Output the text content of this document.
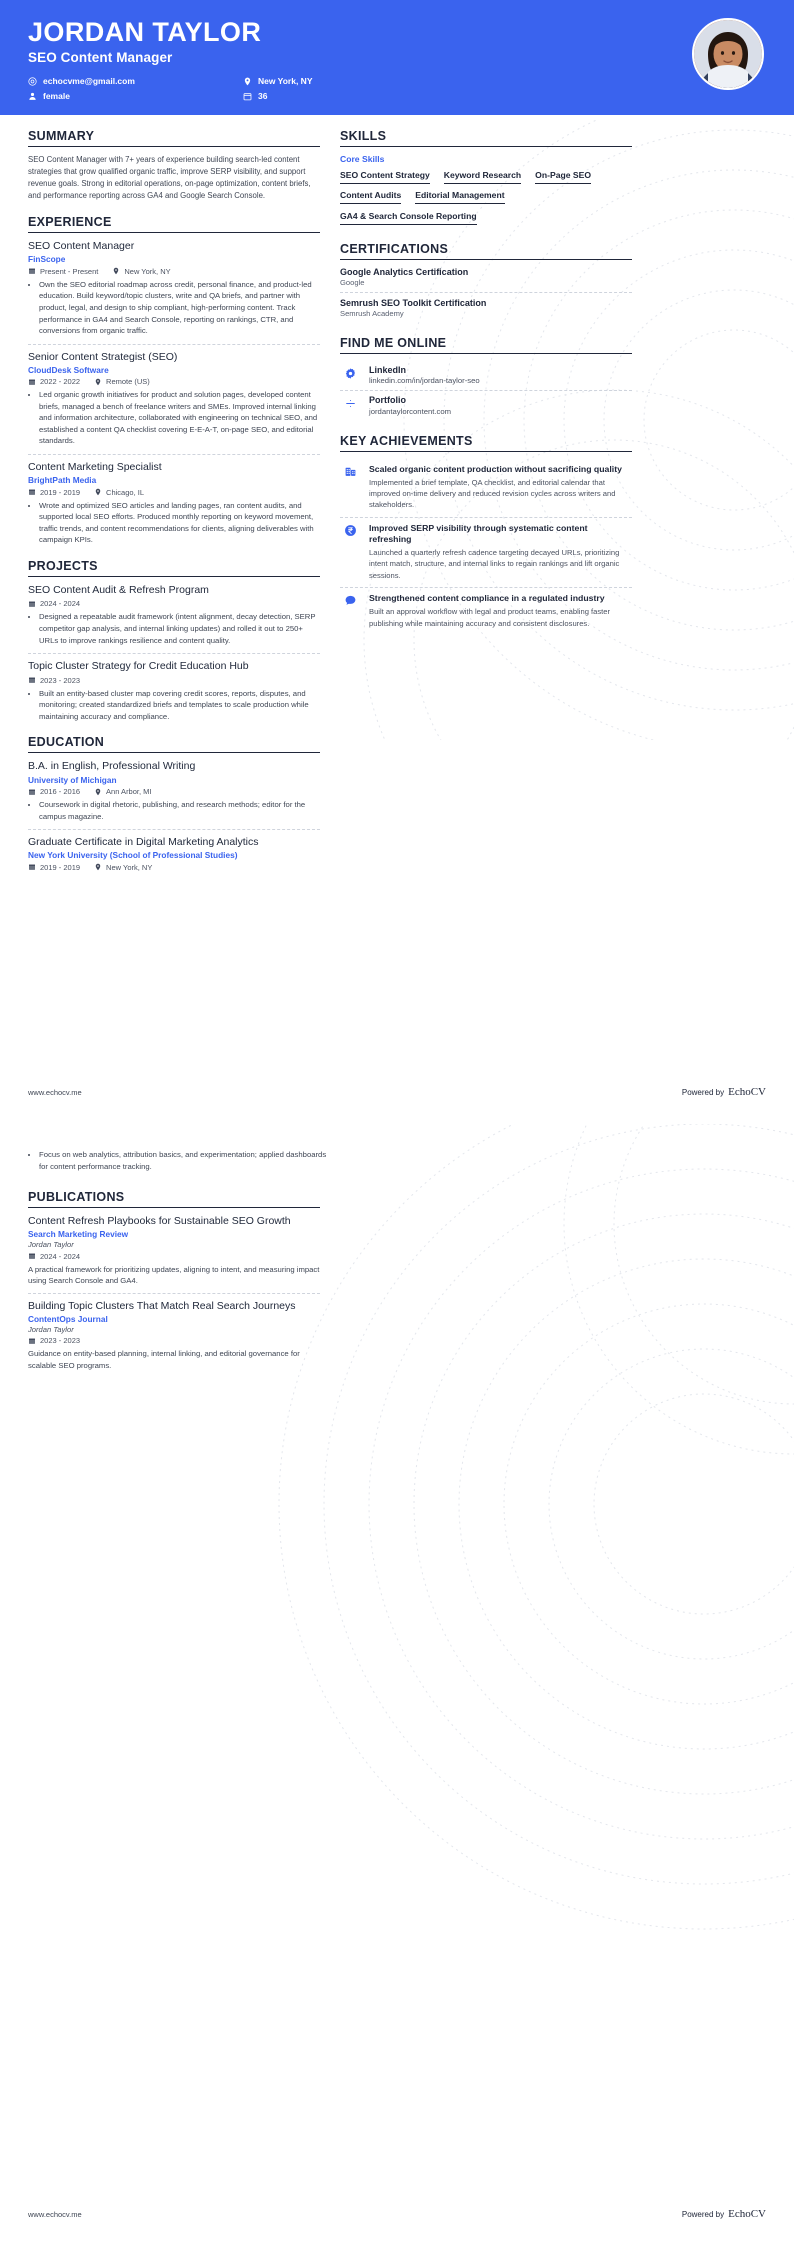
JORDAN TAYLOR
SEO Content Manager
echocvme@gmail.com
female
New York, NY
36
SUMMARY

SEO Content Manager with 7+ years of experience building search-led content strategies that grow qualified organic traffic, improve SERP visibility, and support revenue goals. Strong in editorial operations, on-page optimization, content briefs, and performance reporting across GA4 and Google Search Console.

EXPERIENCE
SEO Content Manager
FinScope
Present - Present	New York, NY
• Own the SEO editorial roadmap across credit, personal finance, and product-led education. Build keyword/topic clusters, write and QA briefs, and partner with product, legal, and design to ship compliant, high-performing content. Track performance in GA4 and Search Console, reporting on rankings, CTR, and conversions from organic traffic.
Senior Content Strategist (SEO)
CloudDesk Software
2022 - 2022	Remote (US)
• Led organic growth initiatives for product and solution pages, developed content briefs, managed a bench of freelance writers and SMEs. Improved internal linking and information architecture, collaborated with engineering on technical SEO, and established a content QA checklist covering E-E-A-T, on-page SEO, and editorial standards.
Content Marketing Specialist
BrightPath Media
2019 - 2019	Chicago, IL
• Wrote and optimized SEO articles and landing pages, ran content audits, and supported local SEO efforts. Produced monthly reporting on keyword movement, traffic trends, and content recommendations for clients, aligning deliverables with campaign KPIs.
PROJECTS
SEO Content Audit & Refresh Program
2024 - 2024
• Designed a repeatable audit framework (intent alignment, decay detection, SERP competitor gap analysis, and internal linking updates) and rolled it out to 250+ URLs to improve rankings resilience and content quality.
Topic Cluster Strategy for Credit Education Hub
2023 - 2023
• Built an entity-based cluster map covering credit scores, reports, disputes, and monitoring; created standardized briefs and templates to scale production while maintaining accuracy and compliance.
EDUCATION
B.A. in English, Professional Writing
University of Michigan
2016 - 2016	Ann Arbor, MI
• Coursework in digital rhetoric, publishing, and research methods; editor for the campus magazine.
Graduate Certificate in Digital Marketing Analytics
New York University (School of Professional Studies)
2019 - 2019	New York, NY
SKILLS
Core Skills
SEO Content Strategy Keyword Research On-Page SEO
Content Audits Editorial Management
GA4 & Search Console Reporting
CERTIFICATIONS
Google Analytics Certification
Google
Semrush SEO Toolkit Certification
Semrush Academy
FIND ME ONLINE
LinkedIn
linkedin.com/in/jordan-taylor-seo
Portfolio
jordantaylorcontent.com
KEY ACHIEVEMENTS
Scaled organic content production without sacrificing quality
Implemented a brief template, QA checklist, and editorial calendar that improved on-time delivery and reduced revision cycles across writers and stakeholders.
Improved SERP visibility through systematic content refreshing
Launched a quarterly refresh cadence targeting decayed URLs, prioritizing intent match, structure, and internal links to regain rankings and lift organic sessions.
Strengthened content compliance in a regulated industry
Built an approval workflow with legal and product teams, enabling faster publishing while maintaining accuracy and consistent disclosures.
www.echocv.me	Powered by EchoCV
• Focus on web analytics, attribution basics, and experimentation; applied dashboards for content performance tracking.
PUBLICATIONS
Content Refresh Playbooks for Sustainable SEO Growth
Search Marketing Review
Jordan Taylor
2024 - 2024
A practical framework for prioritizing updates, aligning to intent, and measuring impact using Search Console and GA4.
Building Topic Clusters That Match Real Search Journeys
ContentOps Journal
Jordan Taylor
2023 - 2023
Guidance on entity-based planning, internal linking, and editorial governance for scalable SEO programs.
www.echocv.me	Powered by EchoCV
